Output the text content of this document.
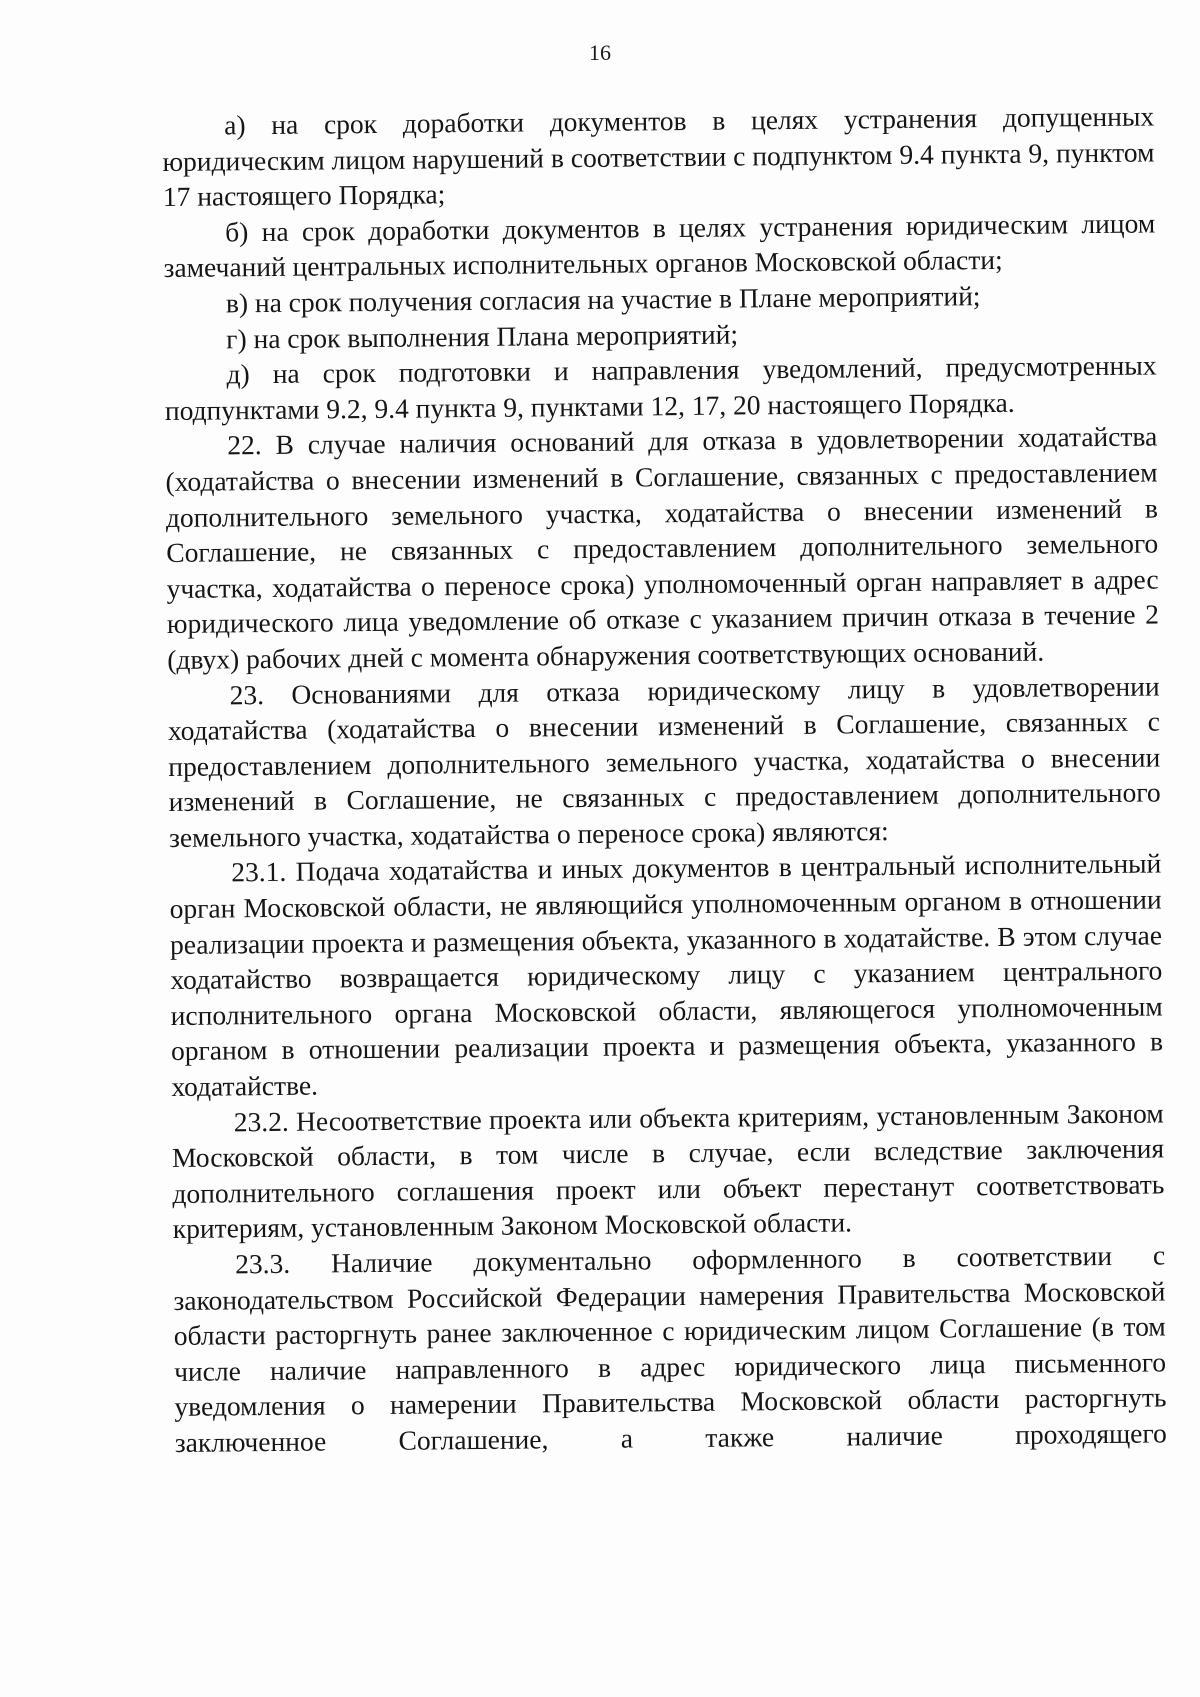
16

а) на срок доработки документов в целях устранения допущенных юридическим лицом нарушений в соответствии с подпунктом 9.4 пункта 9, пунктом 17 настоящего Порядка;

б) на срок доработки документов в целях устранения юридическим лицом замечаний центральных исполнительных органов Московской области;

в) на срок получения согласия на участие в Плане мероприятий;

г) на срок выполнения Плана мероприятий;

д) на срок подготовки и направления уведомлений, предусмотренных подпунктами 9.2, 9.4 пункта 9, пунктами 12, 17, 20 настоящего Порядка.

22. В случае наличия оснований для отказа в удовлетворении ходатайства (ходатайства о внесении изменений в Соглашение, связанных с предоставлением дополнительного земельного участка, ходатайства о внесении изменений в Соглашение, не связанных с предоставлением дополнительного земельного участка, ходатайства о переносе срока) уполномоченный орган направляет в адрес юридического лица уведомление об отказе с указанием причин отказа в течение 2 (двух) рабочих дней с момента обнаружения соответствующих оснований.

23. Основаниями для отказа юридическому лицу в удовлетворении ходатайства (ходатайства о внесении изменений в Соглашение, связанных с предоставлением дополнительного земельного участка, ходатайства о внесении изменений в Соглашение, не связанных с предоставлением дополнительного земельного участка, ходатайства о переносе срока) являются:

23.1. Подача ходатайства и иных документов в центральный исполнительный орган Московской области, не являющийся уполномоченным органом в отношении реализации проекта и размещения объекта, указанного в ходатайстве. В этом случае ходатайство возвращается юридическому лицу с указанием центрального исполнительного органа Московской области, являющегося уполномоченным органом в отношении реализации проекта и размещения объекта, указанного в ходатайстве.

23.2. Несоответствие проекта или объекта критериям, установленным Законом Московской области, в том числе в случае, если вследствие заключения дополнительного соглашения проект или объект перестанут соответствовать критериям, установленным Законом Московской области.

23.3. Наличие документально оформленного в соответствии с законодательством Российской Федерации намерения Правительства Московской области расторгнуть ранее заключенное с юридическим лицом Соглашение (в том числе наличие направленного в адрес юридического лица письменного уведомления о намерении Правительства Московской области расторгнуть заключенное Соглашение, а также наличие проходящего
